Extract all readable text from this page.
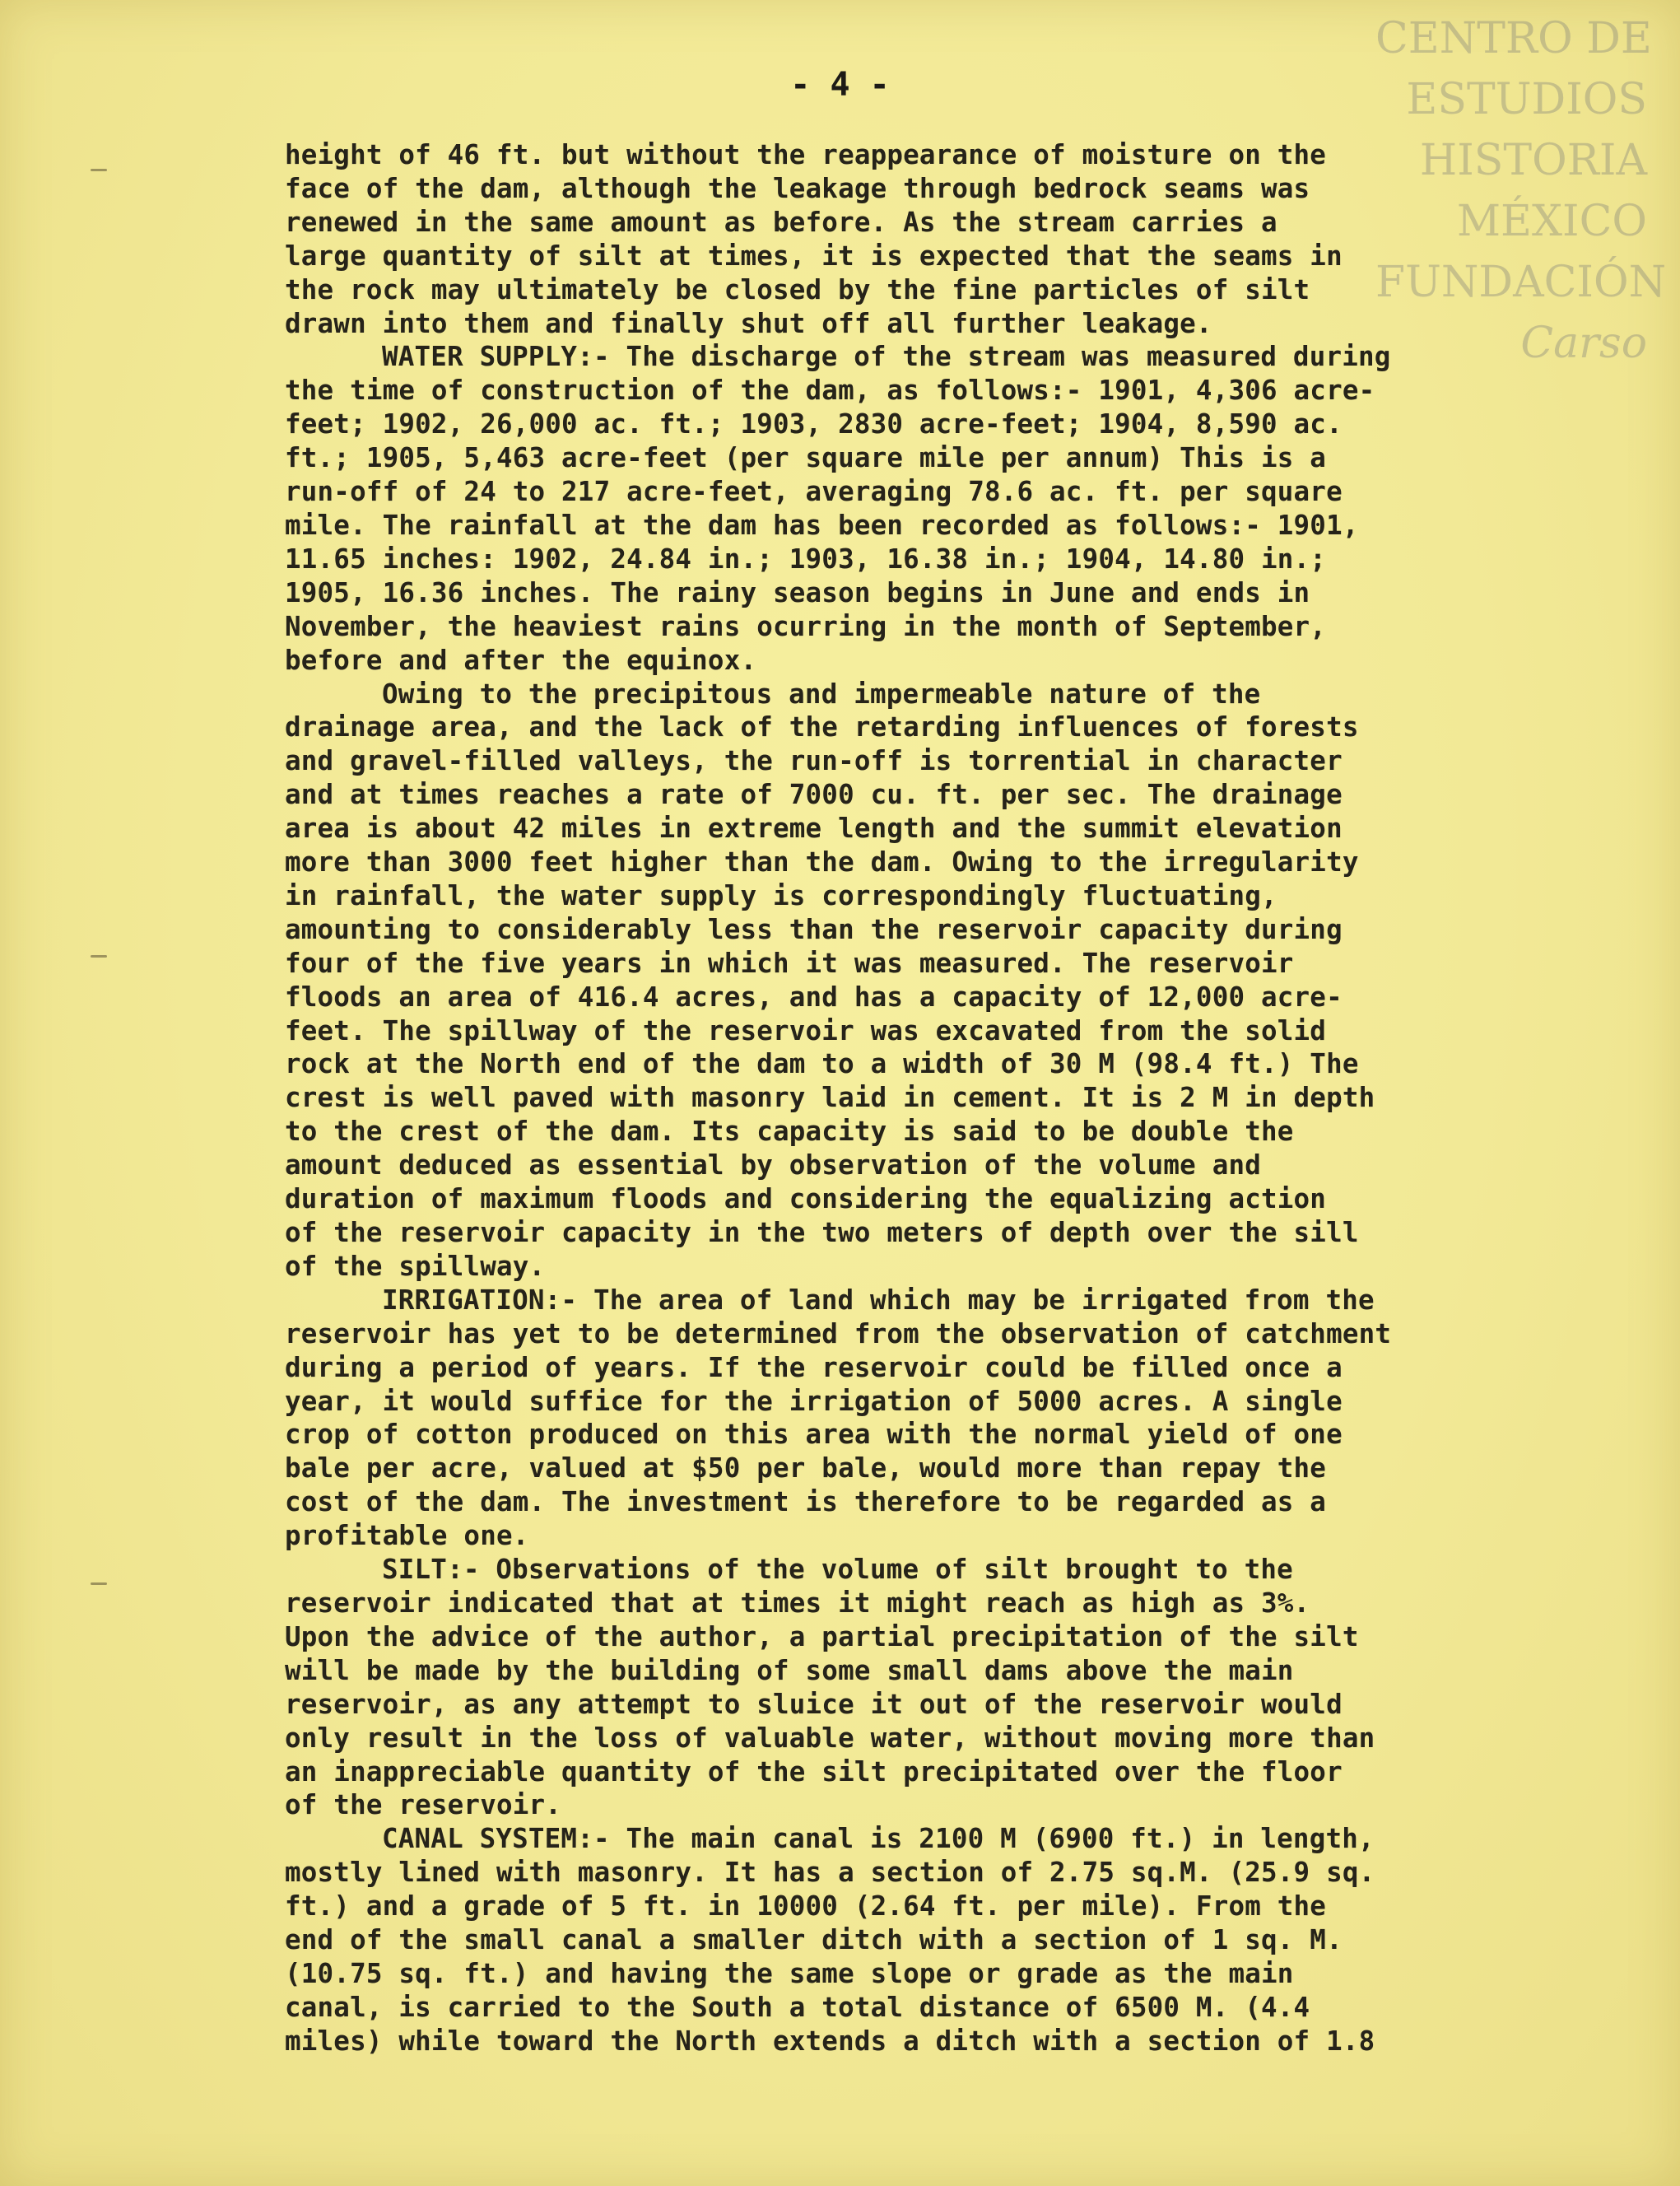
CENTRO DE
ESTUDIOS
HISTORIA
MÉXICO
FUNDACIÓN
Carso
- 4 -
height of 46 ft. but without the reappearance of moisture on the
face of the dam, although the leakage through bedrock seams was
renewed in the same amount as before. As the stream carries a
large quantity of silt at times, it is expected that the seams in
the rock may ultimately be closed by the fine particles of silt
drawn into them and finally shut off all further leakage.
WATER SUPPLY:- The discharge of the stream was measured during
the time of construction of the dam, as follows:- 1901, 4,306 acre-
feet; 1902, 26,000 ac. ft.; 1903, 2830 acre-feet; 1904, 8,590 ac.
ft.; 1905, 5,463 acre-feet (per square mile per annum) This is a
run-off of 24 to 217 acre-feet, averaging 78.6 ac. ft. per square
mile. The rainfall at the dam has been recorded as follows:- 1901,
11.65 inches: 1902, 24.84 in.; 1903, 16.38 in.; 1904, 14.80 in.;
1905, 16.36 inches. The rainy season begins in June and ends in
November, the heaviest rains ocurring in the month of September,
before and after the equinox.
Owing to the precipitous and impermeable nature of the
drainage area, and the lack of the retarding influences of forests
and gravel-filled valleys, the run-off is torrential in character
and at times reaches a rate of 7000 cu. ft. per sec. The drainage
area is about 42 miles in extreme length and the summit elevation
more than 3000 feet higher than the dam. Owing to the irregularity
in rainfall, the water supply is correspondingly fluctuating,
amounting to considerably less than the reservoir capacity during
four of the five years in which it was measured. The reservoir
floods an area of 416.4 acres, and has a capacity of 12,000 acre-
feet. The spillway of the reservoir was excavated from the solid
rock at the North end of the dam to a width of 30 M (98.4 ft.) The
crest is well paved with masonry laid in cement. It is 2 M in depth
to the crest of the dam. Its capacity is said to be double the
amount deduced as essential by observation of the volume and
duration of maximum floods and considering the equalizing action
of the reservoir capacity in the two meters of depth over the sill
of the spillway.
IRRIGATION:- The area of land which may be irrigated from the
reservoir has yet to be determined from the observation of catchment
during a period of years. If the reservoir could be filled once a
year, it would suffice for the irrigation of 5000 acres. A single
crop of cotton produced on this area with the normal yield of one
bale per acre, valued at $50 per bale, would more than repay the
cost of the dam. The investment is therefore to be regarded as a
profitable one.
SILT:- Observations of the volume of silt brought to the
reservoir indicated that at times it might reach as high as 3%.
Upon the advice of the author, a partial precipitation of the silt
will be made by the building of some small dams above the main
reservoir, as any attempt to sluice it out of the reservoir would
only result in the loss of valuable water, without moving more than
an inappreciable quantity of the silt precipitated over the floor
of the reservoir.
CANAL SYSTEM:- The main canal is 2100 M (6900 ft.) in length,
mostly lined with masonry. It has a section of 2.75 sq.M. (25.9 sq.
ft.) and a grade of 5 ft. in 10000 (2.64 ft. per mile). From the
end of the small canal a smaller ditch with a section of 1 sq. M.
(10.75 sq. ft.) and having the same slope or grade as the main
canal, is carried to the South a total distance of 6500 M. (4.4
miles) while toward the North extends a ditch with a section of 1.8
